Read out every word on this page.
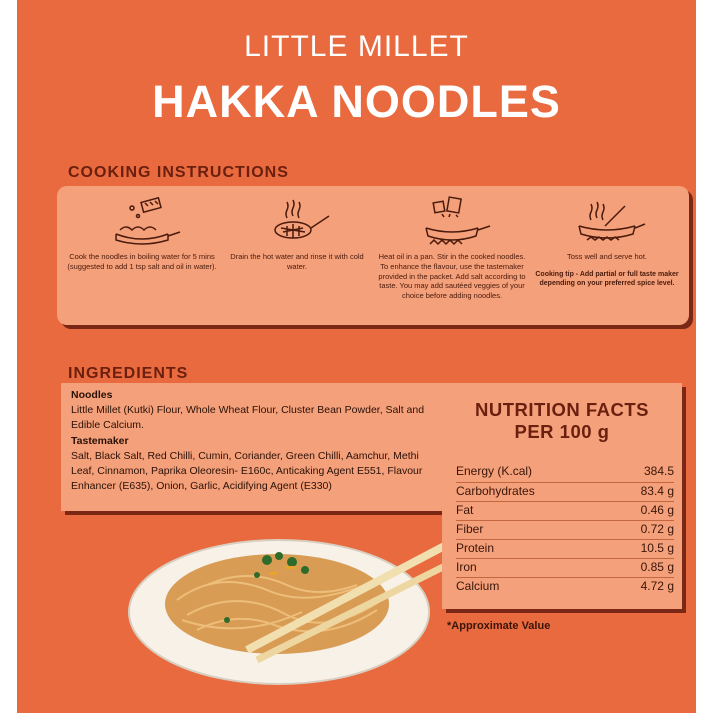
LITTLE MILLET
HAKKA NOODLES
COOKING INSTRUCTIONS
Cook the noodles in boiling water for 5 mins (suggested to add 1 tsp salt and oil in water).
Drain the hot water and rinse it with cold water.
Heat oil in a pan. Stir in the cooked noodles. To enhance the flavour, use the tastemaker provided in the packet. Add salt according to taste. You may add sautéed veggies of your choice before adding noodles.
Toss well and serve hot.
Cooking tip - Add partial or full taste maker depending on your preferred spice level.
INGREDIENTS
Noodles
Little Millet (Kutki) Flour, Whole Wheat Flour, Cluster Bean Powder, Salt and Edible Calcium.
Tastemaker
Salt, Black Salt, Red Chilli, Cumin, Coriander, Green Chilli, Aamchur, Methi Leaf, Cinnamon, Paprika Oleoresin- E160c, Anticaking Agent E551, Flavour Enhancer (E635), Onion, Garlic, Acidifying Agent (E330)
NUTRITION FACTS
PER 100 g
Energy (K.cal)	384.5
Carbohydrates	83.4 g
Fat	0.46 g
Fiber	0.72 g
Protein	10.5 g
Iron	0.85 g
Calcium	4.72 g
*Approximate Value
